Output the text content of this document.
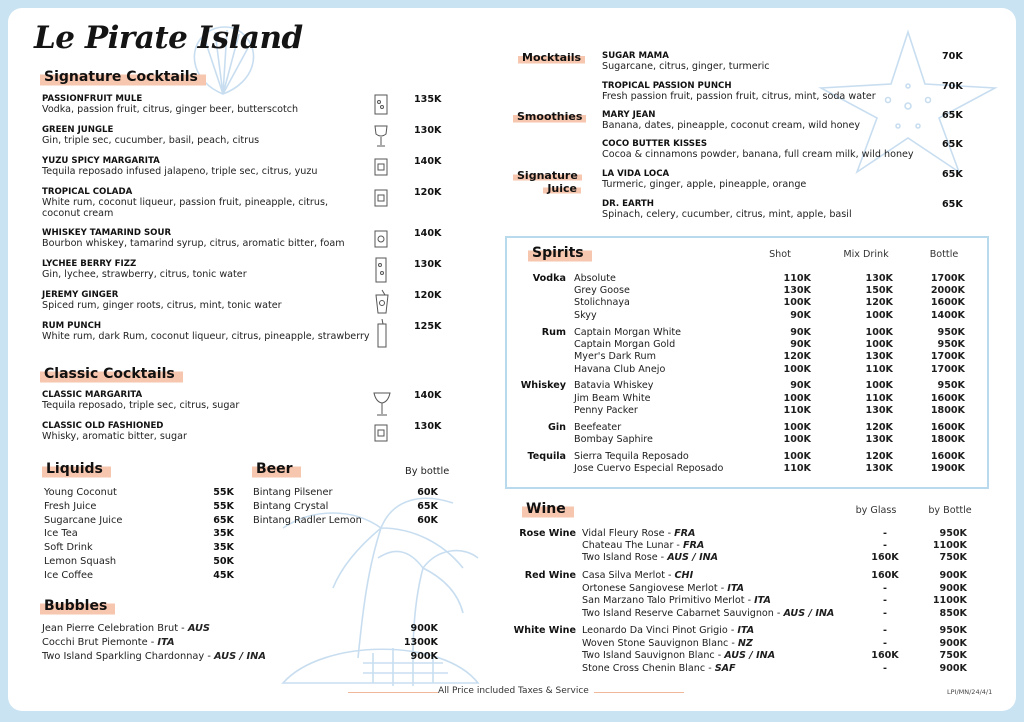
Le Pirate Island
Signature Cocktails
PASSIONFRUIT MULE
Vodka, passion fruit, citrus, ginger beer, butterscotch
135K
GREEN JUNGLE
Gin, triple sec, cucumber, basil, peach, citrus
130K
YUZU SPICY MARGARITA
Tequila reposado infused jalapeno, triple sec, citrus, yuzu
140K
TROPICAL COLADA
White rum, coconut liqueur, passion fruit, pineapple, citrus,
coconut cream
120K
WHISKEY TAMARIND SOUR
Bourbon whiskey, tamarind syrup, citrus, aromatic bitter, foam
140K
LYCHEE BERRY FIZZ
Gin, lychee, strawberry, citrus, tonic water
130K
JEREMY GINGER
Spiced rum, ginger roots, citrus, mint, tonic water
120K
RUM PUNCH
White rum, dark Rum, coconut liqueur, citrus, pineapple, strawberry
125K
Classic Cocktails
CLASSIC MARGARITA
Tequila reposado, triple sec, citrus, sugar
140K
CLASSIC OLD FASHIONED
Whisky, aromatic bitter, sugar
130K
Liquids
Young Coconut	55K
Fresh Juice	55K
Sugarcane Juice	65K
Ice Tea	35K
Soft Drink	35K
Lemon Squash	50K
Ice Coffee	45K
Beer	By bottle
Bintang Pilsener	60K
Bintang Crystal	65K
Bintang Radler Lemon	60K
Bubbles
Jean Pierre Celebration Brut - AUS	900K
Cocchi Brut Piemonte - ITA	1300K
Two Island Sparkling Chardonnay - AUS / INA	900K
Mocktails	SUGAR MAMA
Sugarcane, citrus, ginger, turmeric
70K
TROPICAL PASSION PUNCH
Fresh passion fruit, passion fruit, citrus, mint, soda water
70K
Smoothies	MARY JEAN
Banana, dates, pineapple, coconut cream, wild honey
65K
COCO BUTTER KISSES
Cocoa & cinnamons powder, banana, full cream milk, wild honey
65K
Signature
Juice
LA VIDA LOCA
Turmeric, ginger, apple, pineapple, orange
65K
DR. EARTH
Spinach, celery, cucumber, citrus, mint, apple, basil
65K
Spirits	Shot	Mix Drink	Bottle
Vodka Absolute	110K	130K	1700K
Grey Goose	130K	150K	2000K
Stolichnaya	100K	120K	1600K
Skyy	90K	100K	1400K
Rum Captain Morgan White	90K	100K	950K
Captain Morgan Gold	90K	100K	950K
Myer's Dark Rum	120K	130K	1700K
Havana Club Anejo	100K	110K	1700K
Whiskey Batavia Whiskey	90K	100K	950K
Jim Beam White	100K	110K	1600K
Penny Packer	110K	130K	1800K
Gin Beefeater	100K	120K	1600K
Bombay Saphire	100K	130K	1800K
Tequila Sierra Tequila Reposado	100K	120K	1600K
Jose Cuervo Especial Reposado	110K	130K	1900K
Wine	by Glass	by Bottle
Rose Wine Vidal Fleury Rose - FRA	-	950K
Chateau The Lunar - FRA	-	1100K
Two Island Rose - AUS / INA	160K	750K
Red Wine Casa Silva Merlot - CHI	160K	900K
Ortonese Sangiovese Merlot - ITA	-	900K
San Marzano Talo Primitivo Merlot - ITA	-	1100K
Two Island Reserve Cabarnet Sauvignon - AUS / INA	-	850K
White Wine Leonardo Da Vinci Pinot Grigio - ITA	-	950K
Woven Stone Sauvignon Blanc - NZ	-	900K
Two Island Sauvignon Blanc - AUS / INA	160K	750K
Stone Cross Chenin Blanc - SAF	-	900K
All Price included Taxes & Service	LPI/MN/24/4/1
